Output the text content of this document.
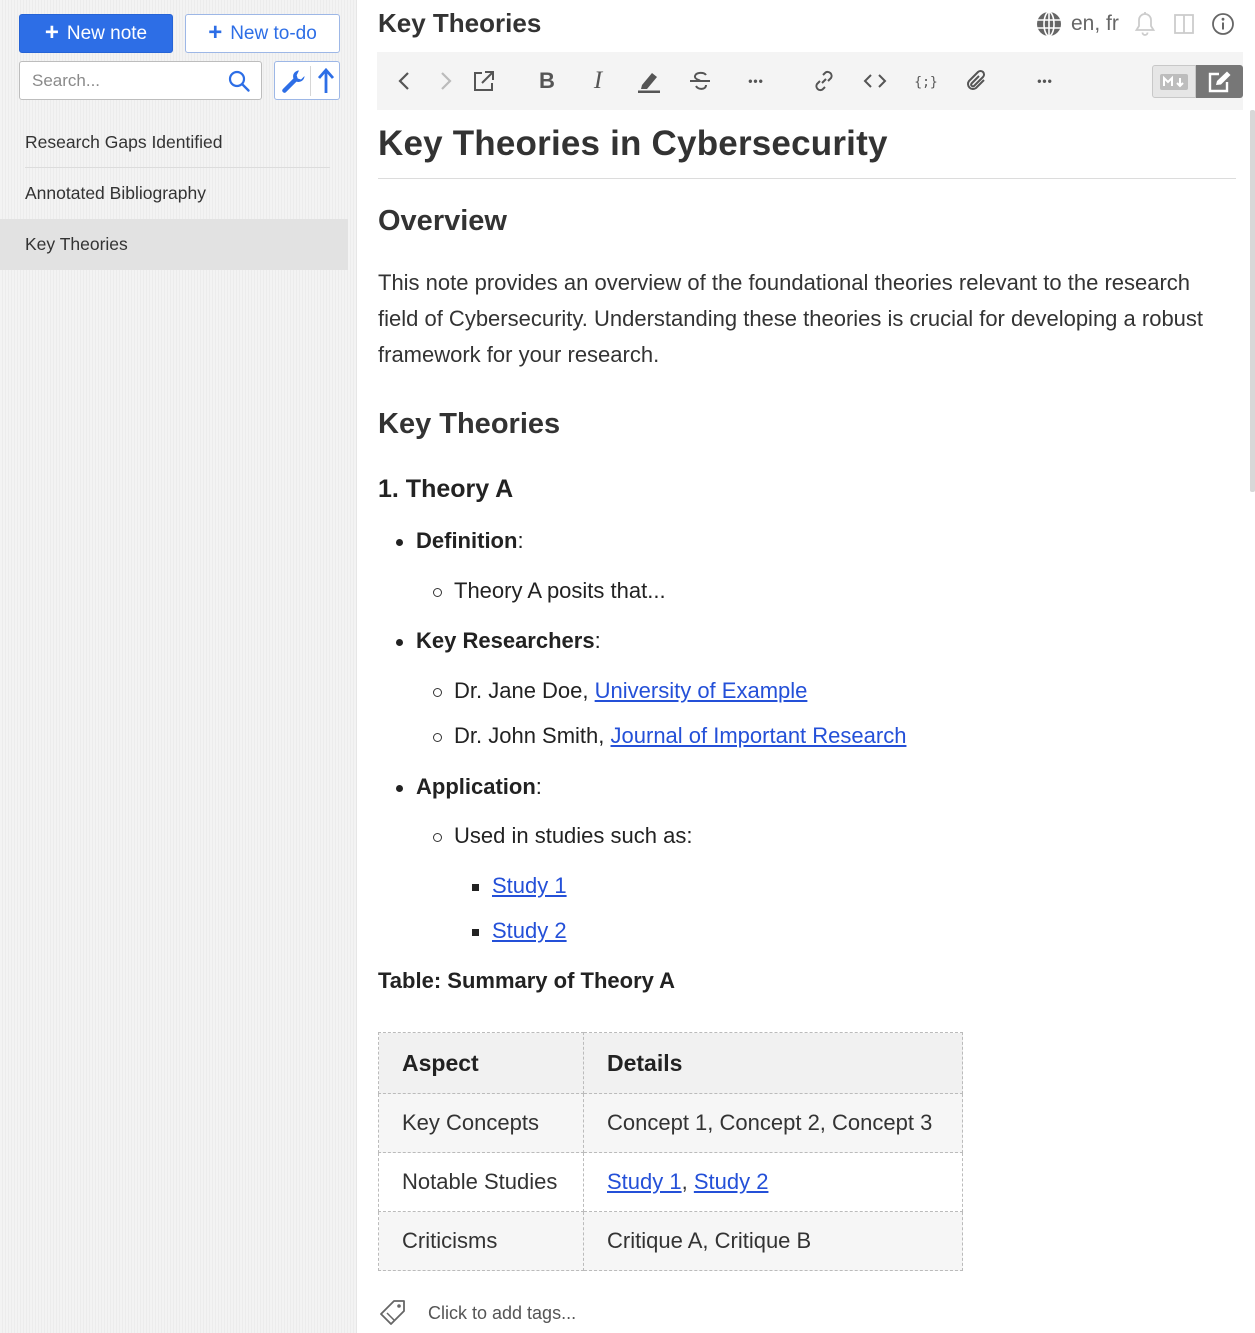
+ New note	+ New to-do
Search...
Research Gaps Identified
Annotated Bibliography
Key Theories
Key Theories	en, fr
B I	•••	{;}	•••
Key Theories in Cybersecurity
Overview

This note provides an overview of the foundational theories relevant to the research field of Cybersecurity. Understanding these theories is crucial for developing a robust framework for your research.

Key Theories
1. Theory A
Definition:
Theory A posits that...
Key Researchers:
Dr. Jane Doe, University of Example
Dr. John Smith, Journal of Important Research
Application:
Used in studies such as:
Study 1
Study 2
Table: Summary of Theory A
Aspect	Details
Key Concepts	Concept 1, Concept 2, Concept 3
Notable Studies	Study 1, Study 2
Criticisms	Critique A, Critique B
Click to add tags...
